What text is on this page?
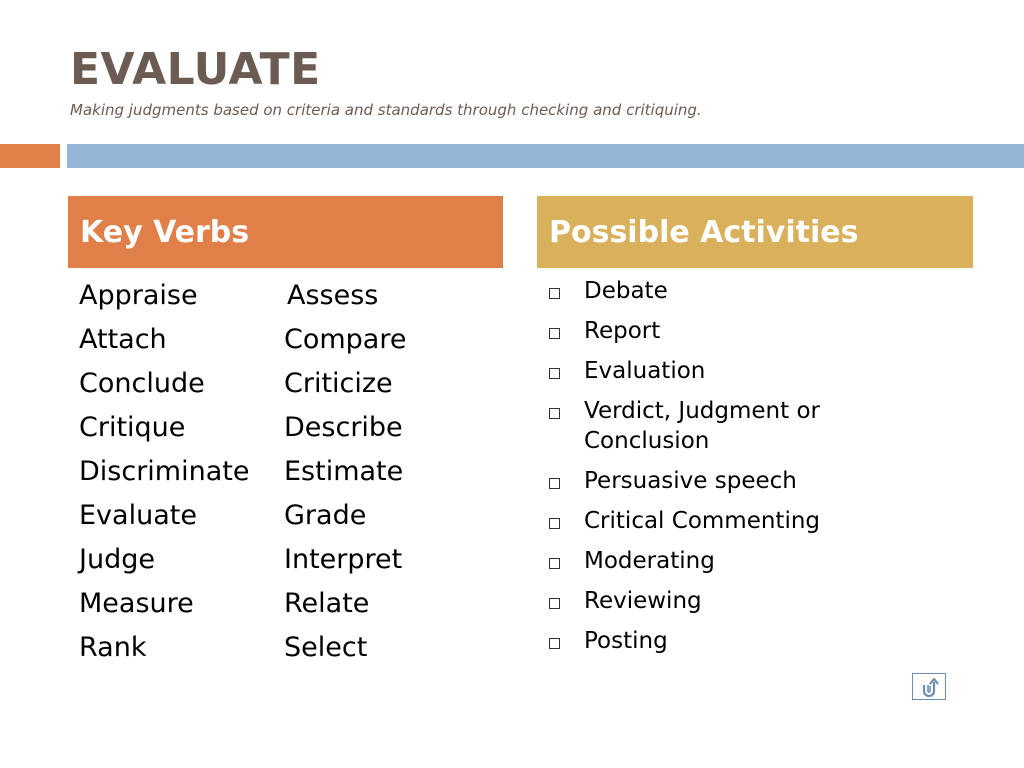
EVALUATE
Making judgments based on criteria and standards through checking and critiquing.
Key Verbs	Possible Activities
Appraise	Assess
Attach	Compare
Conclude	Criticize
Critique	Describe
Discriminate	Estimate
Evaluate	Grade
Judge	Interpret
Measure	Relate
Rank	Select
Debate
Report
Evaluation
Verdict, Judgment or Conclusion
Persuasive speech
Critical Commenting
Moderating
Reviewing
Posting
